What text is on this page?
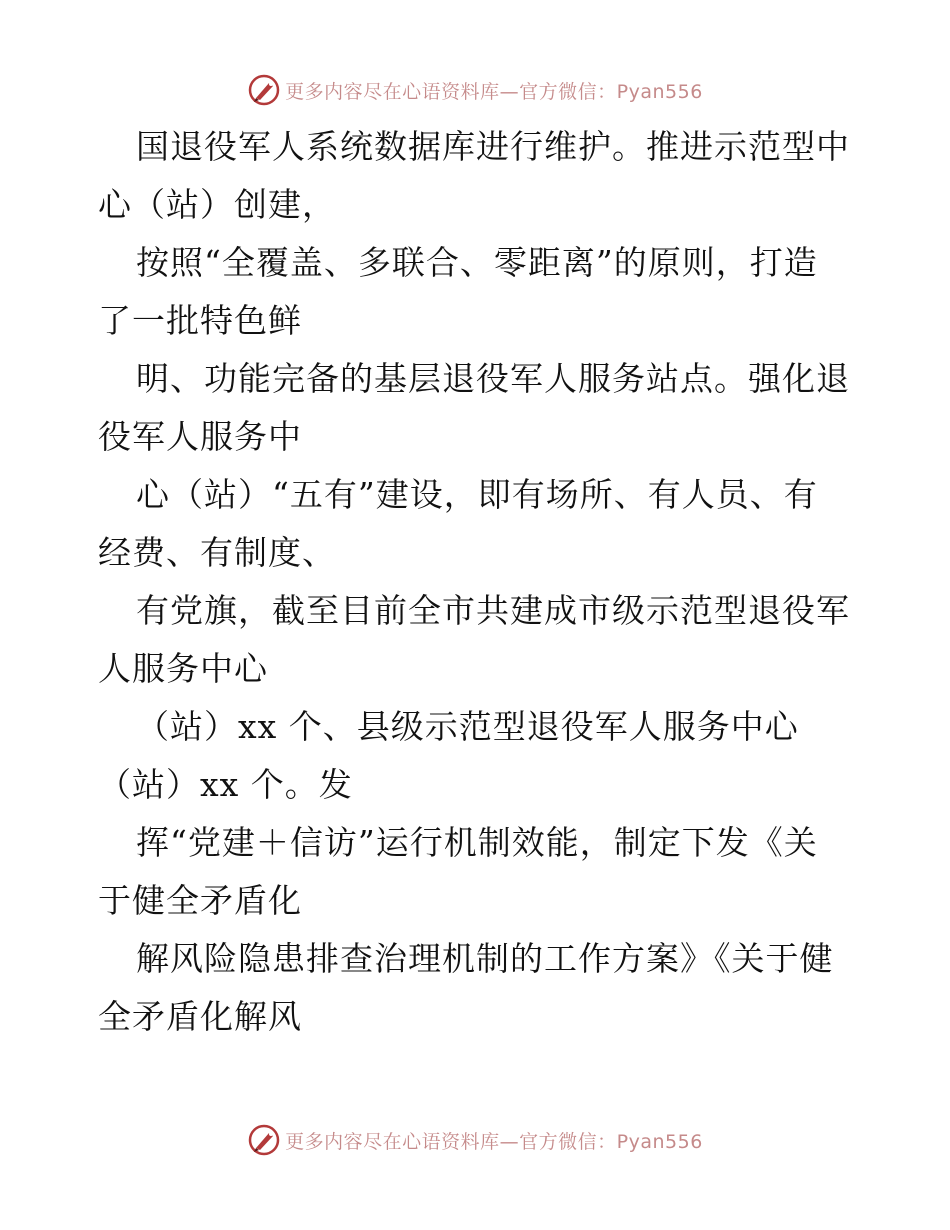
更多内容尽在心语资料库—官方微信：Pyan556
国退役军人系统数据库进行维护。推进示范型中
心（站）创建，
按照“全覆盖、多联合、零距离”的原则，打造
了一批特色鲜
明、功能完备的基层退役军人服务站点。强化退
役军人服务中
心（站）“五有”建设，即有场所、有人员、有
经费、有制度、
有党旗，截至目前全市共建成市级示范型退役军
人服务中心
（站）xx 个、县级示范型退役军人服务中心
（站）xx 个。发
挥“党建＋信访”运行机制效能，制定下发《关
于健全矛盾化
解风险隐患排查治理机制的工作方案》《关于健
全矛盾化解风
更多内容尽在心语资料库—官方微信：Pyan556
